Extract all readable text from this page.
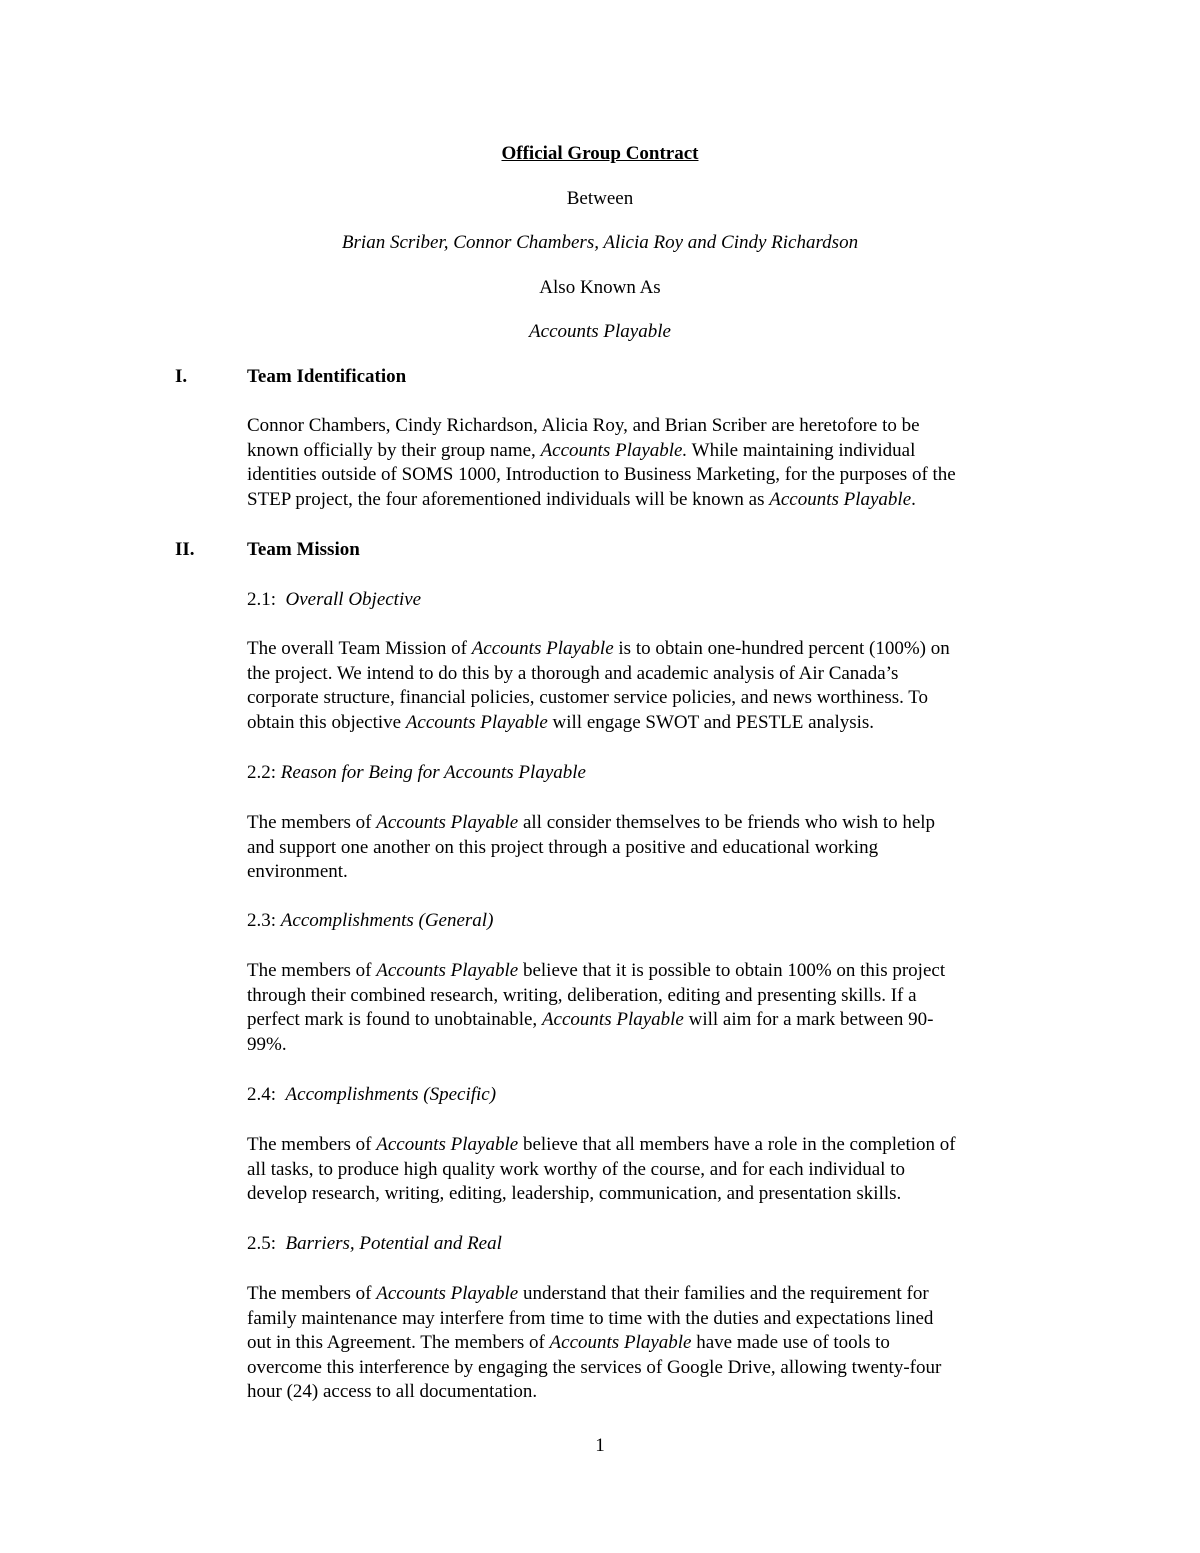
Official Group Contract
Between
Brian Scriber, Connor Chambers, Alicia Roy and Cindy Richardson
Also Known As
Accounts Playable
I.	Team Identification
Connor Chambers, Cindy Richardson, Alicia Roy, and Brian Scriber are heretofore to be
known officially by their group name, Accounts Playable. While maintaining individual
identities outside of SOMS 1000, Introduction to Business Marketing, for the purposes of the
STEP project, the four aforementioned individuals will be known as Accounts Playable.
II.	Team Mission
2.1: Overall Objective
The overall Team Mission of Accounts Playable is to obtain one-hundred percent (100%) on
the project. We intend to do this by a thorough and academic analysis of Air Canada’s
corporate structure, financial policies, customer service policies, and news worthiness. To
obtain this objective Accounts Playable will engage SWOT and PESTLE analysis.
2.2: Reason for Being for Accounts Playable
The members of Accounts Playable all consider themselves to be friends who wish to help
and support one another on this project through a positive and educational working
environment.
2.3: Accomplishments (General)
The members of Accounts Playable believe that it is possible to obtain 100% on this project
through their combined research, writing, deliberation, editing and presenting skills. If a
perfect mark is found to unobtainable, Accounts Playable will aim for a mark between 90-
99%.
2.4: Accomplishments (Specific)
The members of Accounts Playable believe that all members have a role in the completion of
all tasks, to produce high quality work worthy of the course, and for each individual to
develop research, writing, editing, leadership, communication, and presentation skills.
2.5: Barriers, Potential and Real
The members of Accounts Playable understand that their families and the requirement for
family maintenance may interfere from time to time with the duties and expectations lined
out in this Agreement. The members of Accounts Playable have made use of tools to
overcome this interference by engaging the services of Google Drive, allowing twenty-four
hour (24) access to all documentation.
1
